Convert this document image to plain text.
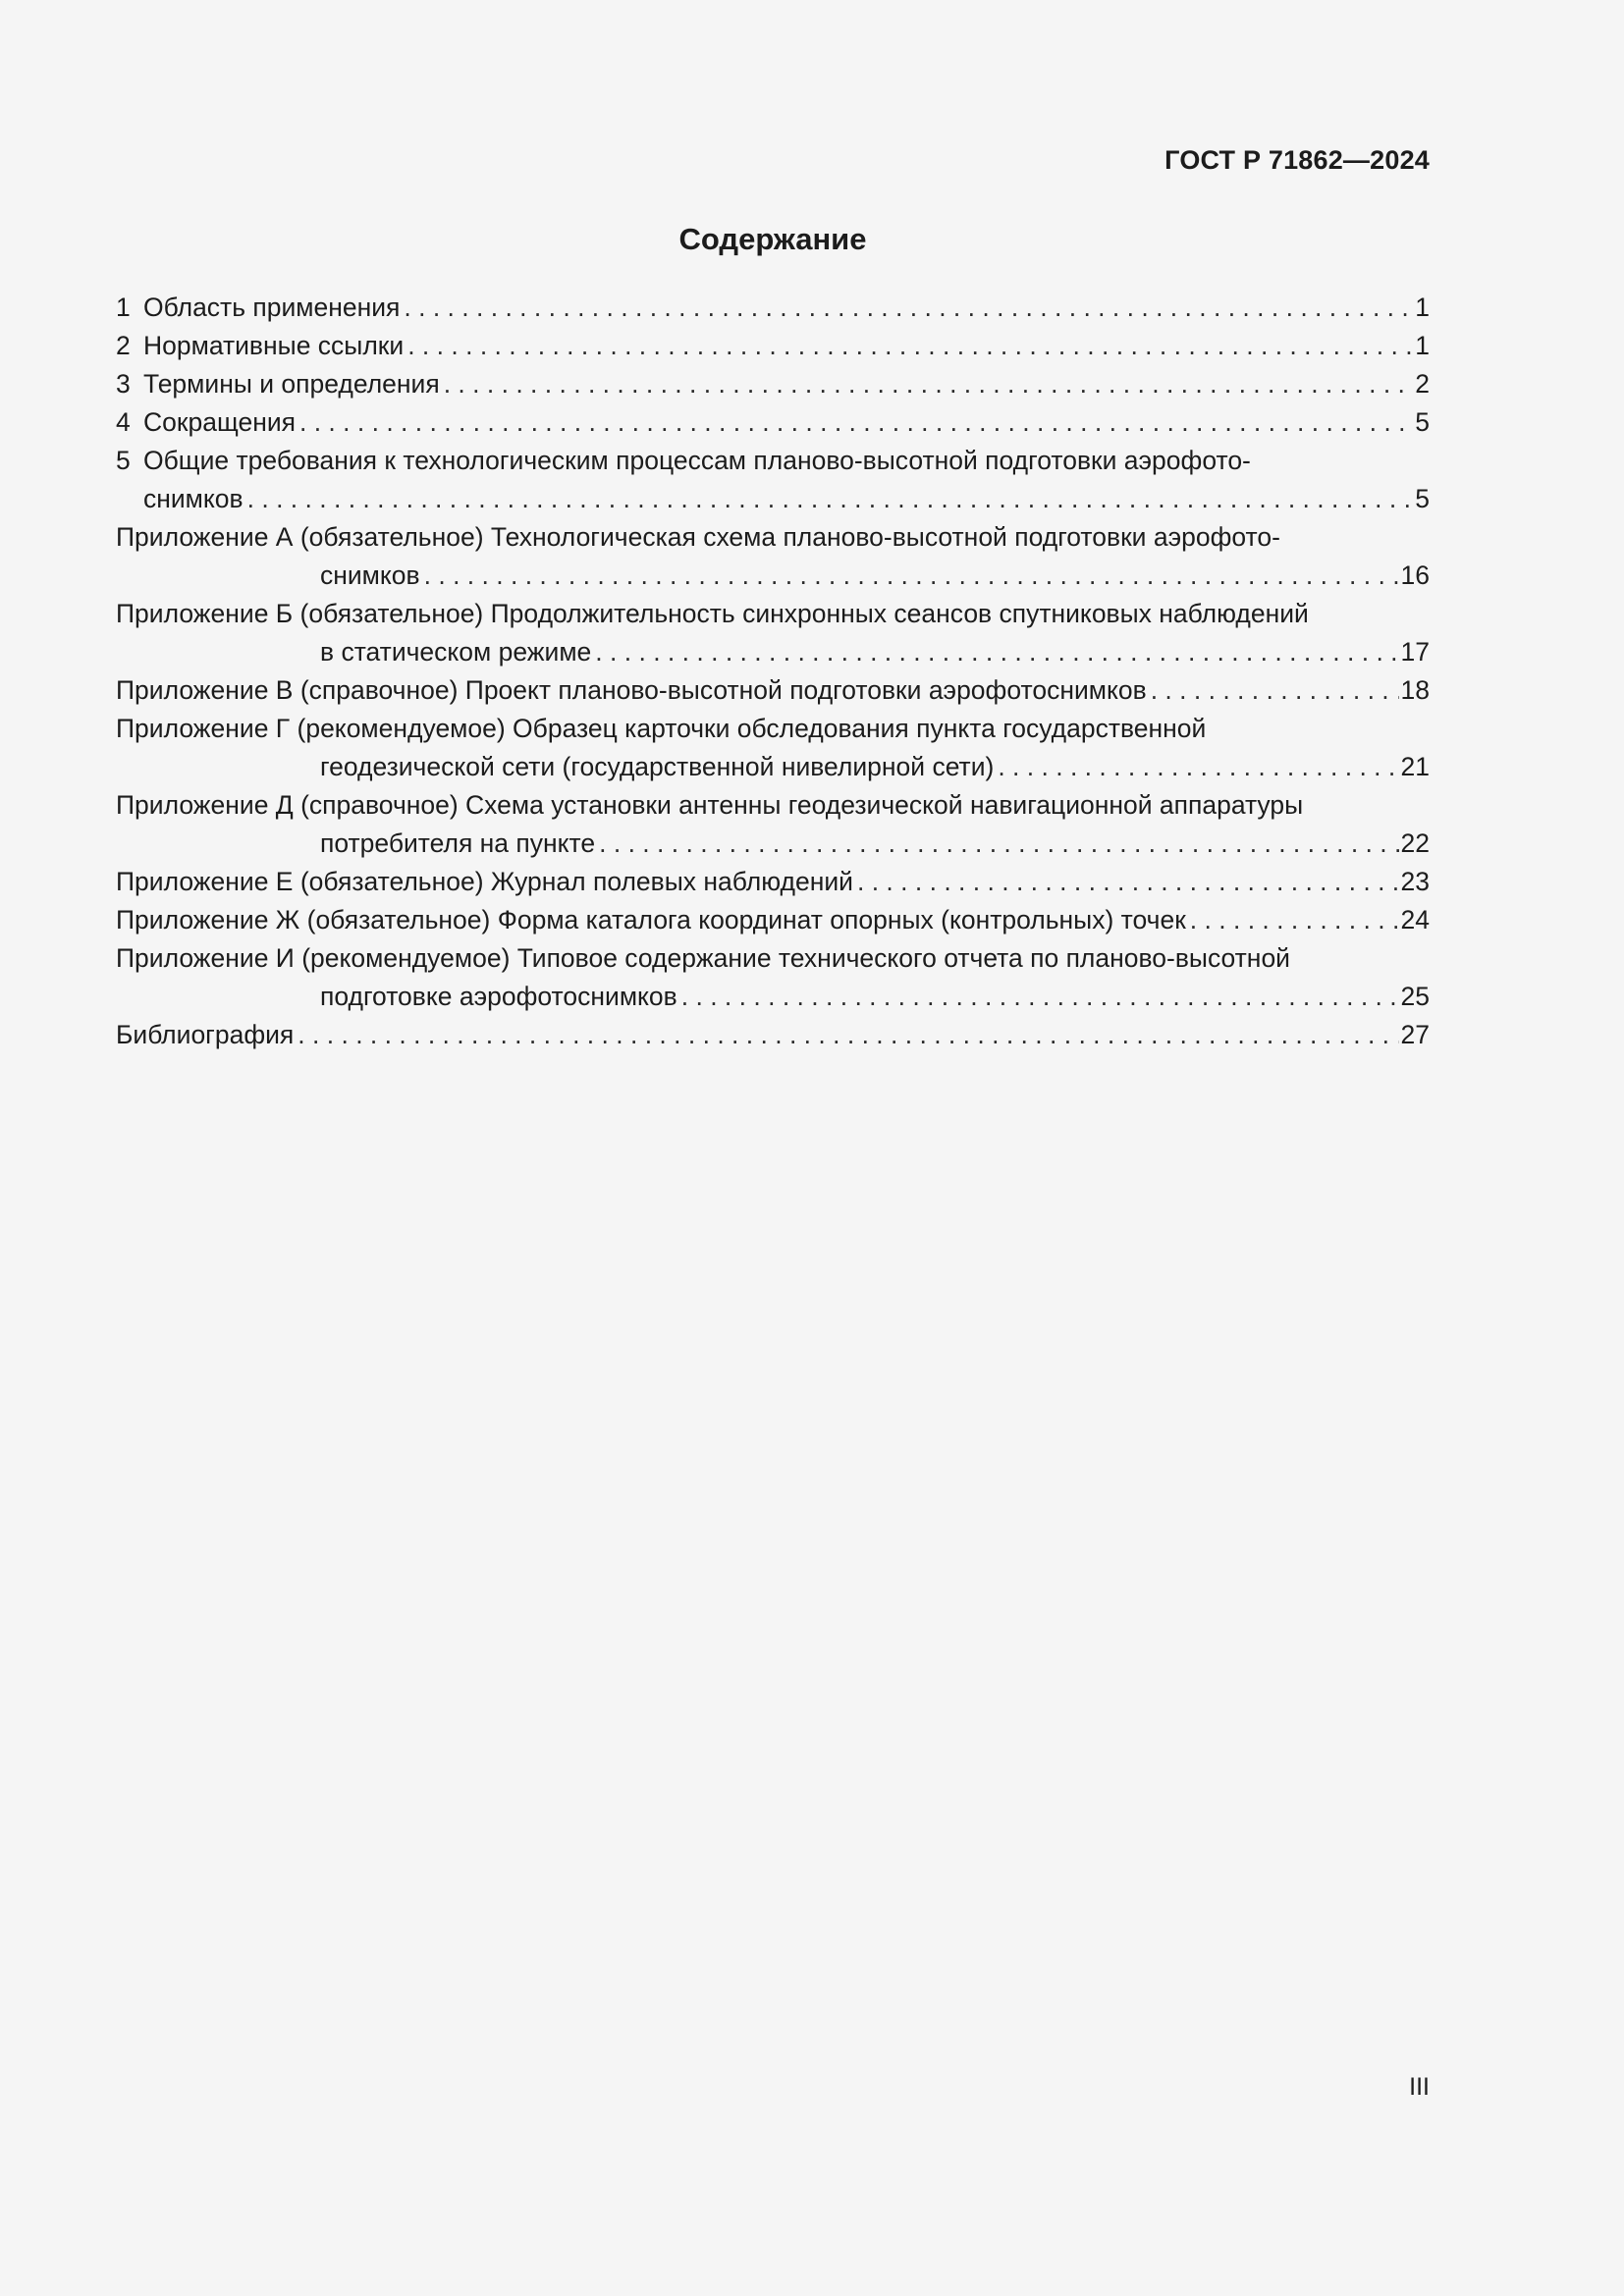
ГОСТ Р 71862—2024
Содержание
1 Область применения . . .	1
2 Нормативные ссылки . . .	1
3 Термины и определения . . .	2
4 Сокращения . . .	5
5 Общие требования к технологическим процессам планово-высотной подготовки аэрофото-
снимков . . .	5
Приложение А (обязательное) Технологическая схема планово-высотной подготовки аэрофото-
снимков . . .	16
Приложение Б (обязательное) Продолжительность синхронных сеансов спутниковых наблюдений
в статическом режиме . . .	17
Приложение В (справочное) Проект планово-высотной подготовки аэрофотоснимков . . .	18
Приложение Г (рекомендуемое) Образец карточки обследования пункта государственной
геодезической сети (государственной нивелирной сети) . . .	21
Приложение Д (справочное) Схема установки антенны геодезической навигационной аппаратуры
потребителя на пункте . . .	22
Приложение Е (обязательное) Журнал полевых наблюдений . . .	23
Приложение Ж (обязательное) Форма каталога координат опорных (контрольных) точек . . .	24
Приложение И (рекомендуемое) Типовое содержание технического отчета по планово-высотной
подготовке аэрофотоснимков . . .	25
Библиография . . .	27
III
